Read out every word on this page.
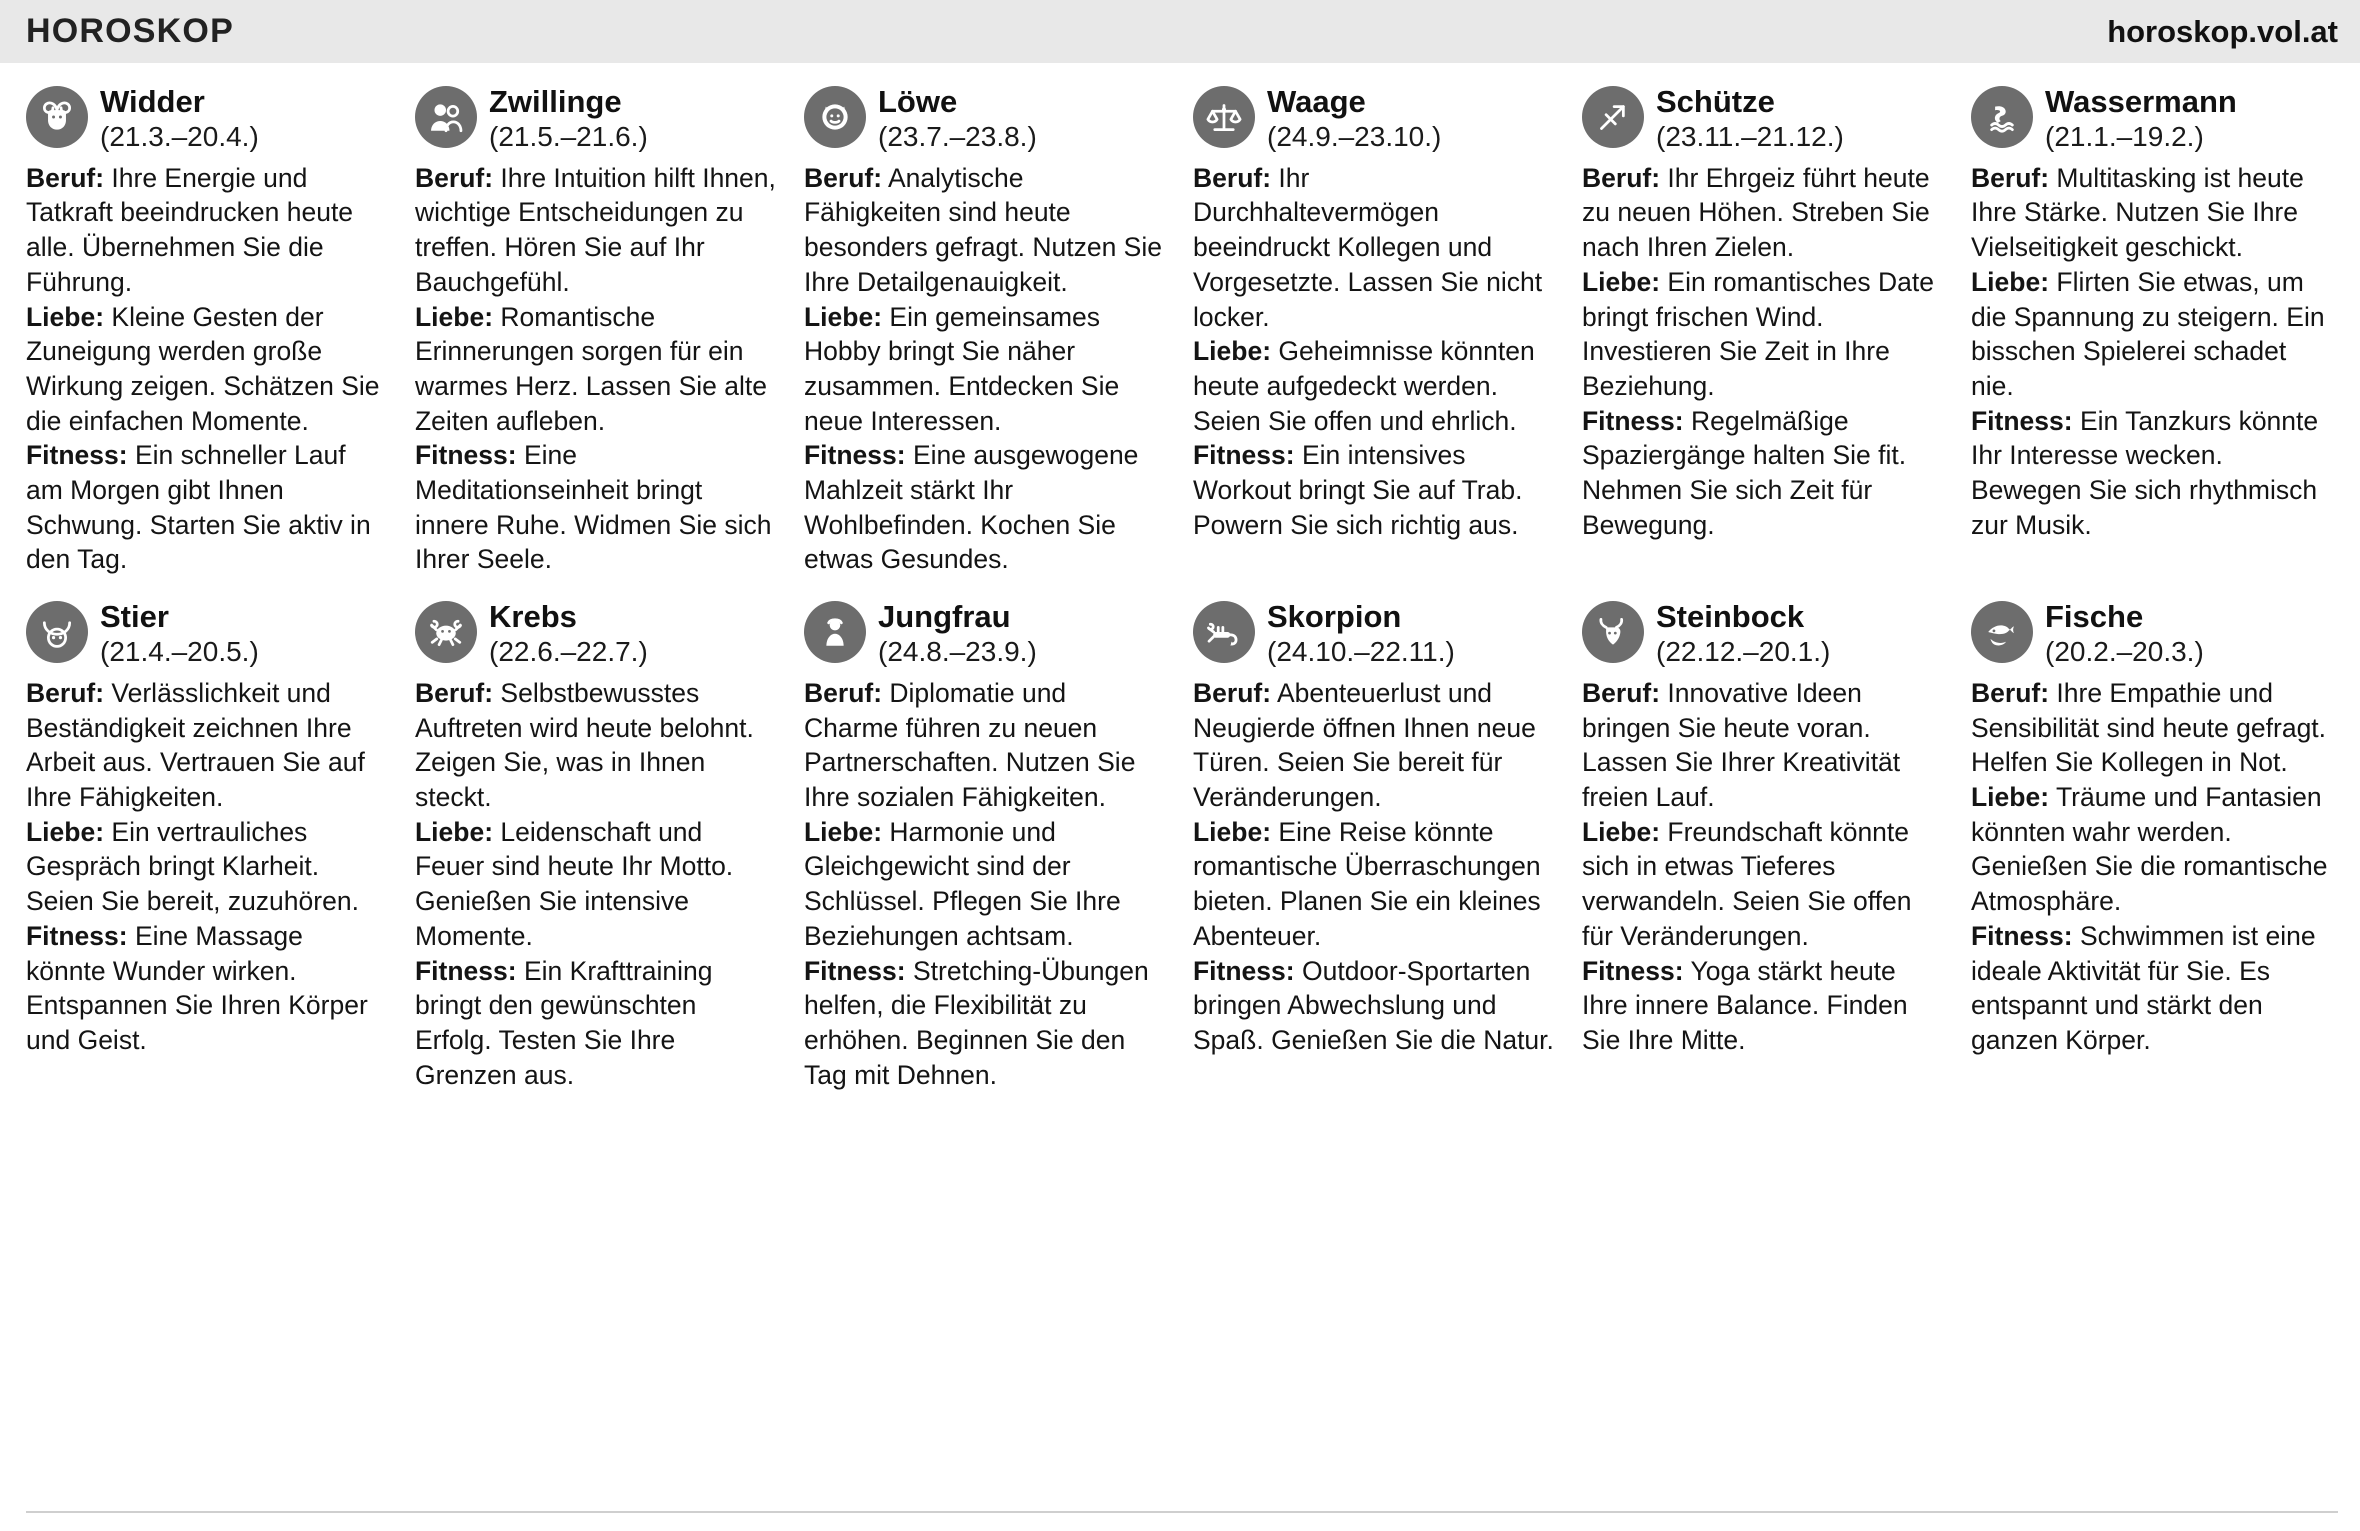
HOROSKOP	horoskop.vol.at
Widder
(21.3.–20.4.)

Beruf: Ihre Energie und Tatkraft beeindrucken heute alle. Übernehmen Sie die Führung.

Liebe: Kleine Gesten der Zuneigung werden große Wirkung zeigen. Schätzen Sie die einfachen Momente.

Fitness: Ein schneller Lauf am Morgen gibt Ihnen Schwung. Starten Sie aktiv in den Tag.

Zwillinge
(21.5.–21.6.)

Beruf: Ihre Intuition hilft Ihnen, wichtige Entscheidungen zu treffen. Hören Sie auf Ihr Bauchgefühl.

Liebe: Romantische Erinnerungen sorgen für ein warmes Herz. Lassen Sie alte Zeiten aufleben.

Fitness: Eine Meditationseinheit bringt innere Ruhe. Widmen Sie sich Ihrer Seele.

Löwe
(23.7.–23.8.)

Beruf: Analytische Fähigkeiten sind heute besonders gefragt. Nutzen Sie Ihre Detailgenauigkeit.

Liebe: Ein gemeinsames Hobby bringt Sie näher zusammen. Entdecken Sie neue Interessen.

Fitness: Eine ausgewogene Mahlzeit stärkt Ihr Wohlbefinden. Kochen Sie etwas Gesundes.

Waage
(24.9.–23.10.)

Beruf: Ihr Durchhaltevermögen beeindruckt Kollegen und Vorgesetzte. Lassen Sie nicht locker.

Liebe: Geheimnisse könnten heute aufgedeckt werden. Seien Sie offen und ehrlich.

Fitness: Ein intensives Workout bringt Sie auf Trab. Powern Sie sich richtig aus.

Schütze
(23.11.–21.12.)

Beruf: Ihr Ehrgeiz führt heute zu neuen Höhen. Streben Sie nach Ihren Zielen.

Liebe: Ein romantisches Date bringt frischen Wind. Investieren Sie Zeit in Ihre Beziehung.

Fitness: Regelmäßige Spaziergänge halten Sie fit. Nehmen Sie sich Zeit für Bewegung.

Wassermann
(21.1.–19.2.)

Beruf: Multitasking ist heute Ihre Stärke. Nutzen Sie Ihre Vielseitigkeit geschickt.

Liebe: Flirten Sie etwas, um die Spannung zu steigern. Ein bisschen Spielerei schadet nie.

Fitness: Ein Tanzkurs könnte Ihr Interesse wecken. Bewegen Sie sich rhythmisch zur Musik.

Stier
(21.4.–20.5.)

Beruf: Verlässlichkeit und Beständigkeit zeichnen Ihre Arbeit aus. Vertrauen Sie auf Ihre Fähigkeiten.

Liebe: Ein vertrauliches Gespräch bringt Klarheit. Seien Sie bereit, zuzuhören.

Fitness: Eine Massage könnte Wunder wirken. Entspannen Sie Ihren Körper und Geist.

Krebs
(22.6.–22.7.)

Beruf: Selbstbewusstes Auftreten wird heute belohnt. Zeigen Sie, was in Ihnen steckt.

Liebe: Leidenschaft und Feuer sind heute Ihr Motto. Genießen Sie intensive Momente.

Fitness: Ein Krafttraining bringt den gewünschten Erfolg. Testen Sie Ihre Grenzen aus.

Jungfrau
(24.8.–23.9.)

Beruf: Diplomatie und Charme führen zu neuen Partnerschaften. Nutzen Sie Ihre sozialen Fähigkeiten.

Liebe: Harmonie und Gleichgewicht sind der Schlüssel. Pflegen Sie Ihre Beziehungen achtsam.

Fitness: Stretching-Übungen helfen, die Flexibilität zu erhöhen. Beginnen Sie den Tag mit Dehnen.

Skorpion
(24.10.–22.11.)

Beruf: Abenteuerlust und Neugierde öffnen Ihnen neue Türen. Seien Sie bereit für Veränderungen.

Liebe: Eine Reise könnte romantische Überraschungen bieten. Planen Sie ein kleines Abenteuer.

Fitness: Outdoor-Sportarten bringen Abwechslung und Spaß. Genießen Sie die Natur.

Steinbock
(22.12.–20.1.)

Beruf: Innovative Ideen bringen Sie heute voran. Lassen Sie Ihrer Kreativität freien Lauf.

Liebe: Freundschaft könnte sich in etwas Tieferes verwandeln. Seien Sie offen für Veränderungen.

Fitness: Yoga stärkt heute Ihre innere Balance. Finden Sie Ihre Mitte.

Fische
(20.2.–20.3.)

Beruf: Ihre Empathie und Sensibilität sind heute gefragt. Helfen Sie Kollegen in Not.

Liebe: Träume und Fantasien könnten wahr werden. Genießen Sie die romantische Atmosphäre.

Fitness: Schwimmen ist eine ideale Aktivität für Sie. Es entspannt und stärkt den ganzen Körper.
